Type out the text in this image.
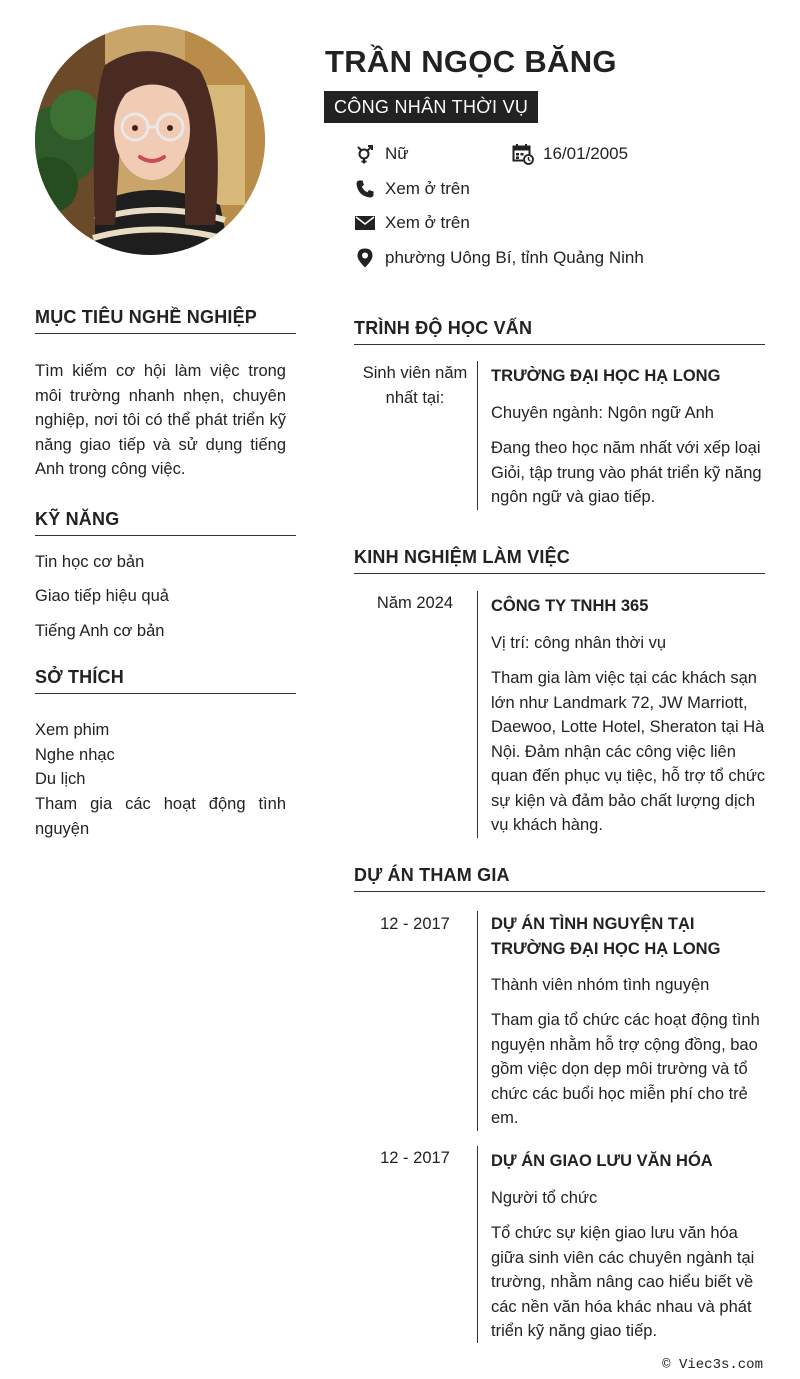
TRẦN NGỌC BĂNG
CÔNG NHÂN THỜI VỤ
Nữ	16/01/2005
Xem ở trên
Xem ở trên
phường Uông Bí, tỉnh Quảng Ninh
MỤC TIÊU NGHỀ NGHIỆP
Tìm kiếm cơ hội làm việc trong môi trường nhanh nhẹn, chuyên nghiệp, nơi tôi có thể phát triển kỹ năng giao tiếp và sử dụng tiếng Anh trong công việc.
KỸ NĂNG
Tin học cơ bản
Giao tiếp hiệu quả
Tiếng Anh cơ bản
SỞ THÍCH
Xem phim
Nghe nhạc
Du lịch
Tham gia các hoạt động tình nguyện
TRÌNH ĐỘ HỌC VẤN
Sinh viên năm nhất tại:
TRƯỜNG ĐẠI HỌC HẠ LONG
Chuyên ngành: Ngôn ngữ Anh
Đang theo học năm nhất với xếp loại Giỏi, tập trung vào phát triển kỹ năng ngôn ngữ và giao tiếp.
KINH NGHIỆM LÀM VIỆC
Năm 2024	CÔNG TY TNHH 365
Vị trí: công nhân thời vụ
Tham gia làm việc tại các khách sạn lớn như Landmark 72, JW Marriott, Daewoo, Lotte Hotel, Sheraton tại Hà Nội. Đảm nhận các công việc liên quan đến phục vụ tiệc, hỗ trợ tổ chức sự kiện và đảm bảo chất lượng dịch vụ khách hàng.
DỰ ÁN THAM GIA
12 - 2017	DỰ ÁN TÌNH NGUYỆN TẠI TRƯỜNG ĐẠI HỌC HẠ LONG
Thành viên nhóm tình nguyện
Tham gia tổ chức các hoạt động tình nguyện nhằm hỗ trợ cộng đồng, bao gồm việc dọn dẹp môi trường và tổ chức các buổi học miễn phí cho trẻ em.
12 - 2017	DỰ ÁN GIAO LƯU VĂN HÓA
Người tổ chức
Tổ chức sự kiện giao lưu văn hóa giữa sinh viên các chuyên ngành tại trường, nhằm nâng cao hiểu biết về các nền văn hóa khác nhau và phát triển kỹ năng giao tiếp.
© Viec3s.com
